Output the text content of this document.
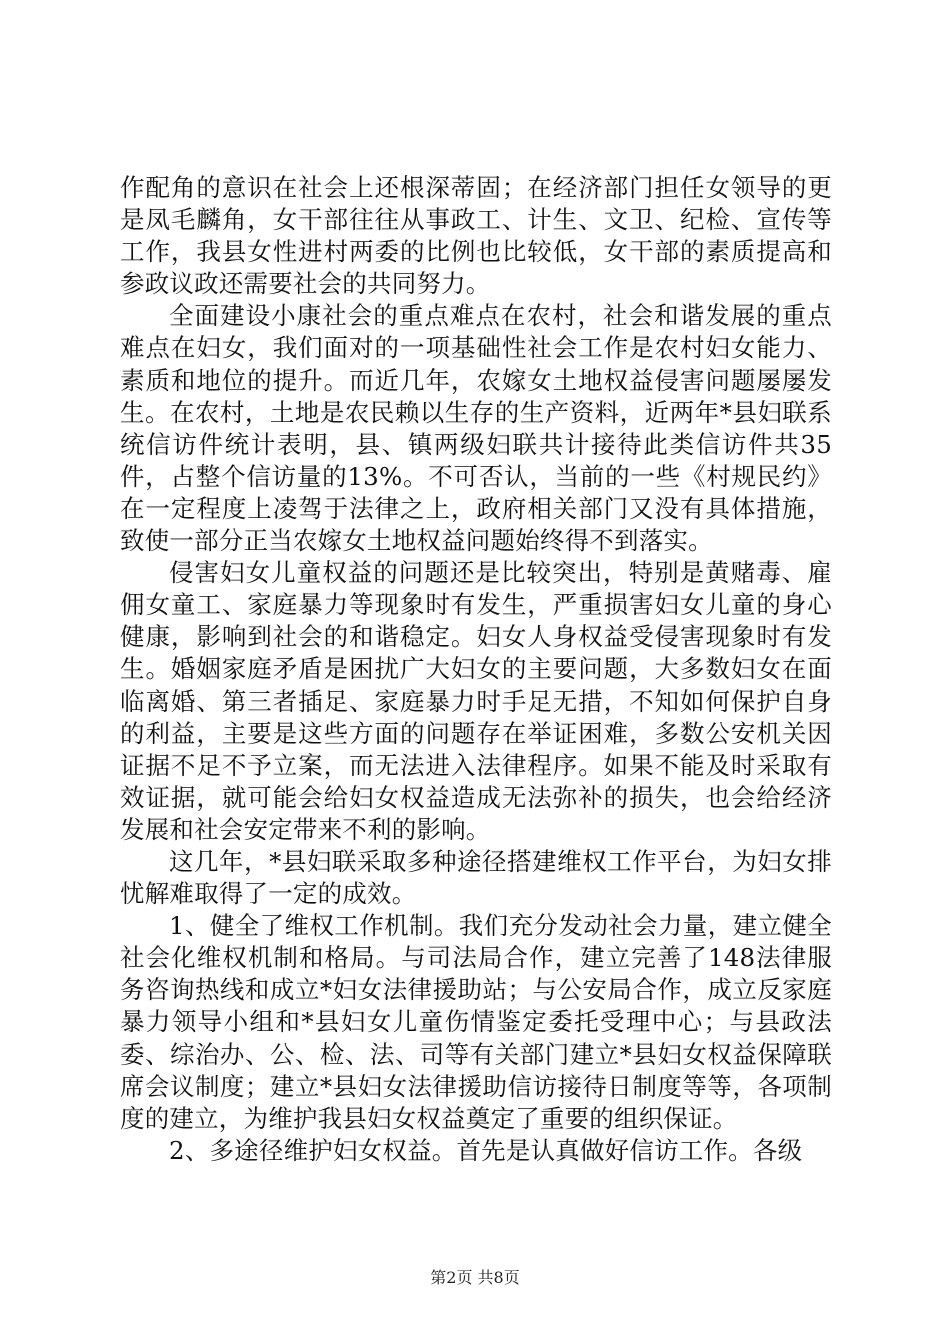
作配角的意识在社会上还根深蒂固；在经济部门担任女领导的更是凤毛麟角，女干部往往从事政工、计生、文卫、纪检、宣传等工作，我县女性进村两委的比例也比较低，女干部的素质提高和参政议政还需要社会的共同努力。

全面建设小康社会的重点难点在农村，社会和谐发展的重点难点在妇女，我们面对的一项基础性社会工作是农村妇女能力、素质和地位的提升。而近几年，农嫁女土地权益侵害问题屡屡发生。在农村，土地是农民赖以生存的生产资料，近两年*县妇联系统信访件统计表明，县、镇两级妇联共计接待此类信访件共35件，占整个信访量的13%。不可否认，当前的一些《村规民约》在一定程度上凌驾于法律之上，政府相关部门又没有具体措施，致使一部分正当农嫁女土地权益问题始终得不到落实。

侵害妇女儿童权益的问题还是比较突出，特别是黄赌毒、雇佣女童工、家庭暴力等现象时有发生，严重损害妇女儿童的身心健康，影响到社会的和谐稳定。妇女人身权益受侵害现象时有发生。婚姻家庭矛盾是困扰广大妇女的主要问题，大多数妇女在面临离婚、第三者插足、家庭暴力时手足无措，不知如何保护自身的利益，主要是这些方面的问题存在举证困难，多数公安机关因证据不足不予立案，而无法进入法律程序。如果不能及时采取有效证据，就可能会给妇女权益造成无法弥补的损失，也会给经济发展和社会安定带来不利的影响。

这几年，*县妇联采取多种途径搭建维权工作平台，为妇女排忧解难取得了一定的成效。

1、健全了维权工作机制。我们充分发动社会力量，建立健全社会化维权机制和格局。与司法局合作，建立完善了148法律服务咨询热线和成立*妇女法律援助站；与公安局合作，成立反家庭暴力领导小组和*县妇女儿童伤情鉴定委托受理中心；与县政法委、综治办、公、检、法、司等有关部门建立*县妇女权益保障联席会议制度；建立*县妇女法律援助信访接待日制度等等，各项制度的建立，为维护我县妇女权益奠定了重要的组织保证。

2、多途径维护妇女权益。首先是认真做好信访工作。各级

第2页 共8页
